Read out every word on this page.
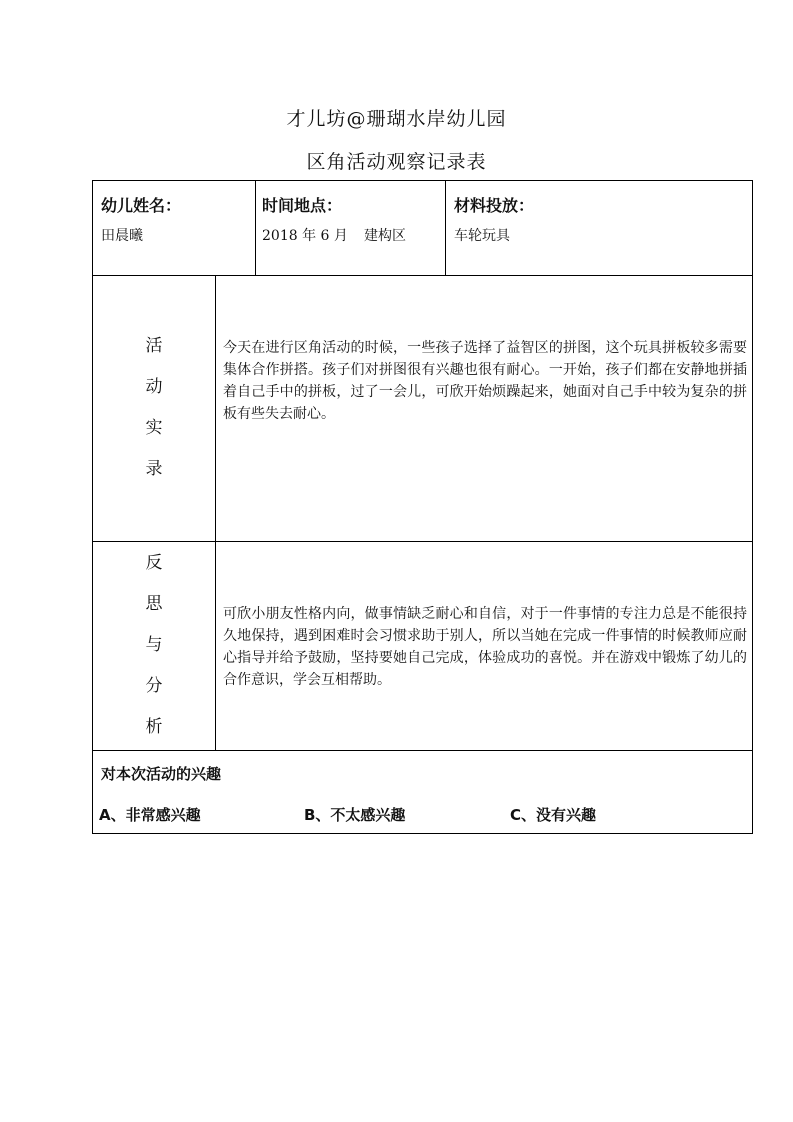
才儿坊@珊瑚水岸幼儿园
区角活动观察记录表
幼儿姓名：
田晨曦
时间地点：
2018 年 6 月 建构区
材料投放：
车轮玩具
活
动
实
录
今天在进行区角活动的时候，一些孩子选择了益智区的拼图，这个玩具拼板较多需要集体合作拼搭。孩子们对拼图很有兴趣也很有耐心。一开始，孩子们都在安静地拼插着自己手中的拼板，过了一会儿，可欣开始烦躁起来，她面对自己手中较为复杂的拼板有些失去耐心。
反
思
与
分
析
可欣小朋友性格内向，做事情缺乏耐心和自信，对于一件事情的专注力总是不能很持久地保持，遇到困难时会习惯求助于别人，所以当她在完成一件事情的时候教师应耐心指导并给予鼓励，坚持要她自己完成，体验成功的喜悦。并在游戏中锻炼了幼儿的合作意识，学会互相帮助。
对本次活动的兴趣
A、非常感兴趣	B、不太感兴趣	C、没有兴趣
